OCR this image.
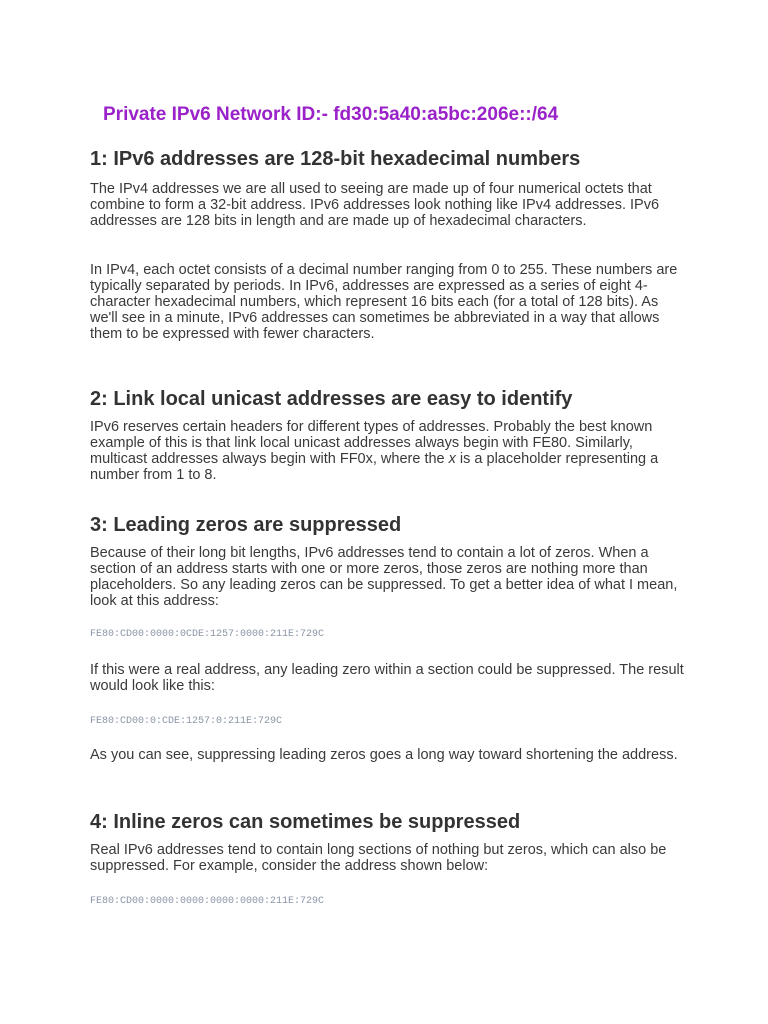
Private IPv6 Network ID:- fd30:5a40:a5bc:206e::/64
1: IPv6 addresses are 128-bit hexadecimal numbers

The IPv4 addresses we are all used to seeing are made up of four numerical octets that combine to form a 32-bit address. IPv6 addresses look nothing like IPv4 addresses. IPv6 addresses are 128 bits in length and are made up of hexadecimal characters.

In IPv4, each octet consists of a decimal number ranging from 0 to 255. These numbers are typically separated by periods. In IPv6, addresses are expressed as a series of eight 4-character hexadecimal numbers, which represent 16 bits each (for a total of 128 bits). As we'll see in a minute, IPv6 addresses can sometimes be abbreviated in a way that allows them to be expressed with fewer characters.

2: Link local unicast addresses are easy to identify

IPv6 reserves certain headers for different types of addresses. Probably the best known example of this is that link local unicast addresses always begin with FE80. Similarly, multicast addresses always begin with FF0x, where the x is a placeholder representing a number from 1 to 8.

3: Leading zeros are suppressed

Because of their long bit lengths, IPv6 addresses tend to contain a lot of zeros. When a section of an address starts with one or more zeros, those zeros are nothing more than placeholders. So any leading zeros can be suppressed. To get a better idea of what I mean, look at this address:

FE80:CD00:0000:0CDE:1257:0000:211E:729C

If this were a real address, any leading zero within a section could be suppressed. The result would look like this:

FE80:CD00:0:CDE:1257:0:211E:729C

As you can see, suppressing leading zeros goes a long way toward shortening the address.

4: Inline zeros can sometimes be suppressed

Real IPv6 addresses tend to contain long sections of nothing but zeros, which can also be suppressed. For example, consider the address shown below:

FE80:CD00:0000:0000:0000:0000:211E:729C
